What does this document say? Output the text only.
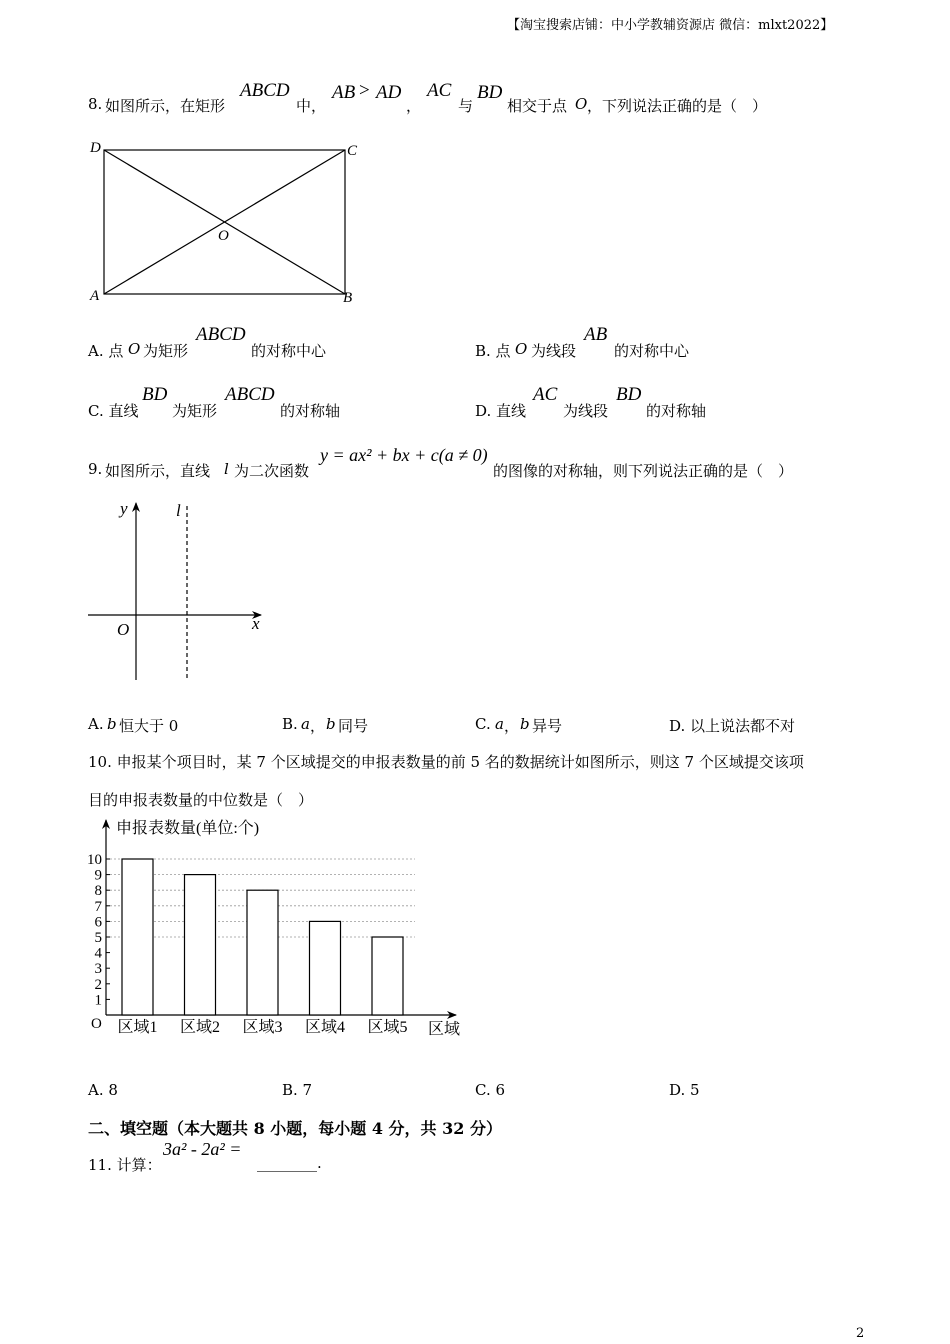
【淘宝搜索店铺：中小学教辅资源店 微信：mlxt2022】
8. 如图所示，在矩形
ABCD
中，
AB > AD
，
AC
与
BD
相交于点 O ，下列说法正确的是（　）
D	C
A	B
O
A. 点 O 为矩形
ABCD
的对称中心	B. 点 O 为线段
AB
的对称中心
C. 直线
BD
为矩形
ABCD
的对称轴	D. 直线
AC
为线段
BD
的对称轴
9. 如图所示，直线 l 为二次函数
y = ax² + bx + c(a ≠ 0)
的图像的对称轴，则下列说法正确的是（　）
y	l
O	x
A. b 恒大于 0	B. a ， b 同号	C. a ， b 异号	D. 以上说法都不对
10. 申报某个项目时，某 7 个区域提交的申报表数量的前 5 名的数据统计如图所示，则这 7 个区域提交该项
目的申报表数量的中位数是（　）
1
2
3
4
5
6
7
8
9
10
区域1 区域2 区域3 区域4 区域5
申报表数量(单位:个)
区域
O
A. 8	B. 7	C. 6	D. 5
二、填空题（本大题共 8 小题，每小题 4 分，共 32 分）
11. 计算：
3a² - 2a² =
________.
2
